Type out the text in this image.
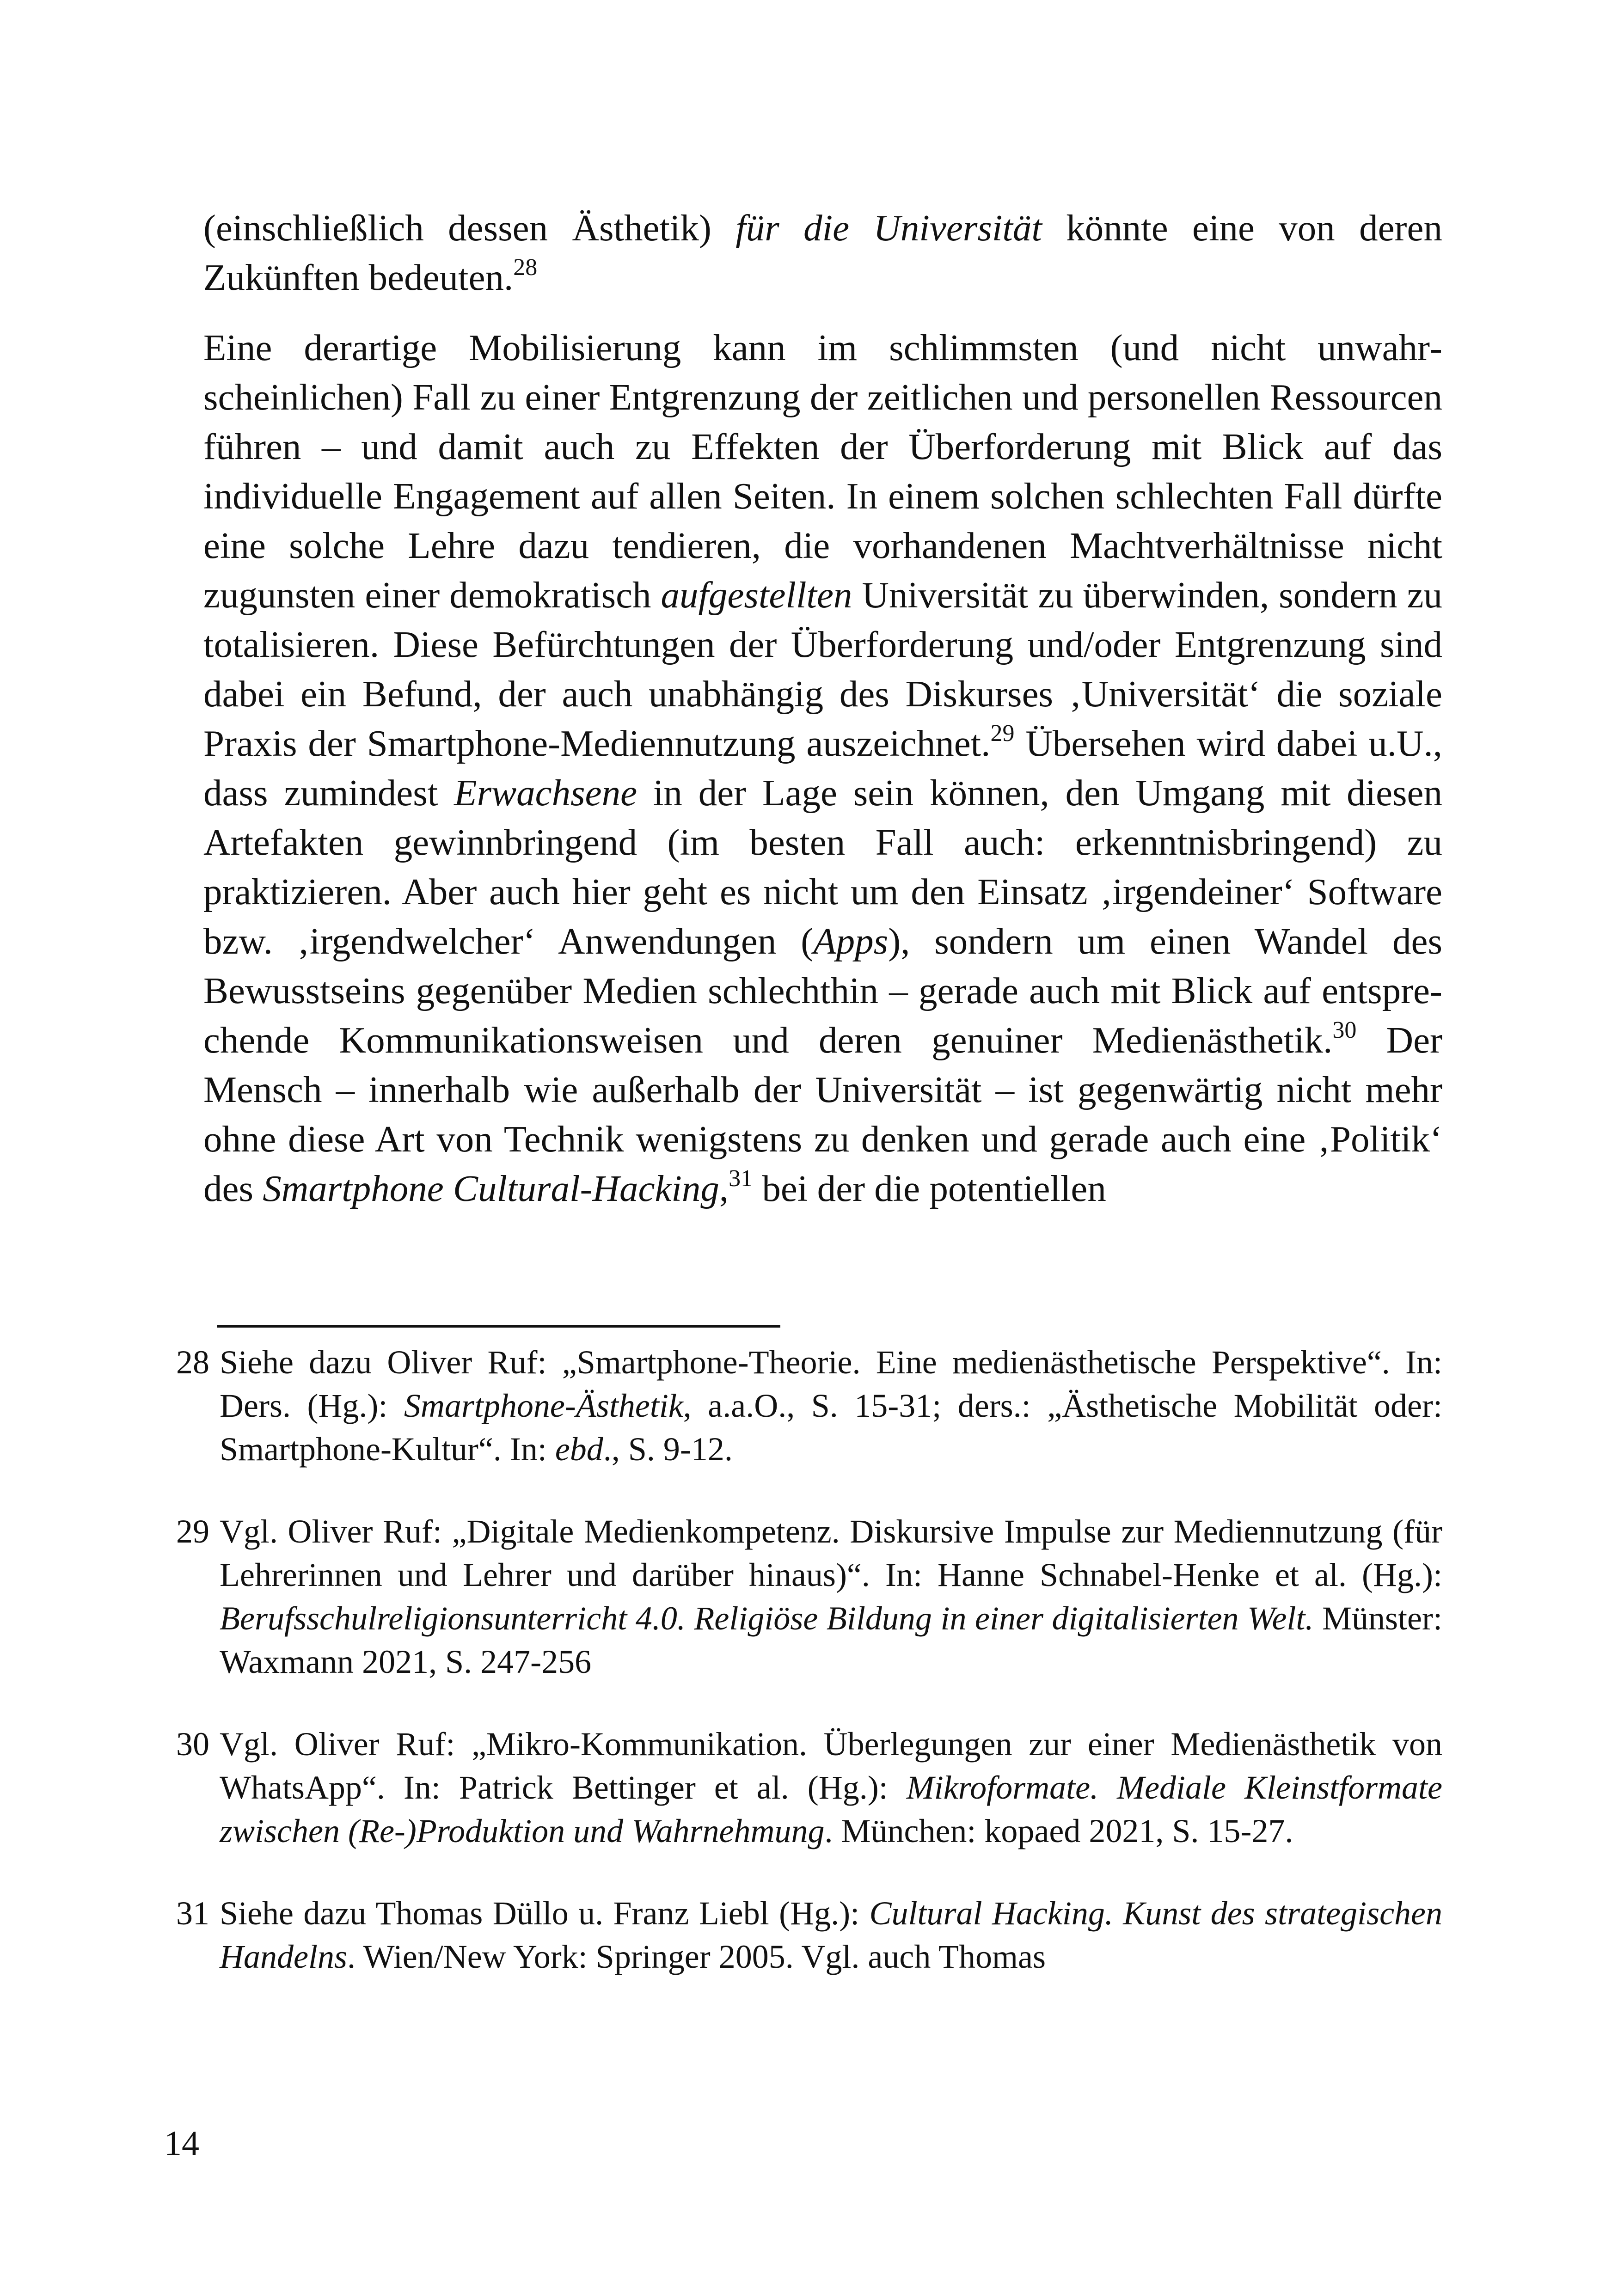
(einschließlich dessen Ästhetik) für die Universität könnte eine von deren Zukünften bedeuten.$^{28}$

Eine derartige Mobilisierung kann im schlimmsten (und nicht unwahrscheinlichen) Fall zu einer Entgrenzung der zeitlichen und personellen Ressourcen führen – und damit auch zu Effekten der Überforderung mit Blick auf das individuelle Engagement auf allen Seiten. In einem solchen schlechten Fall dürfte eine solche Lehre dazu tendieren, die vorhandenen Machtverhältnisse nicht zugunsten einer demokratisch aufgestellten Universität zu überwinden, sondern zu totalisieren. Diese Befürchtungen der Überforderung und/oder Entgrenzung sind dabei ein Befund, der auch unabhängig des Diskurses ‚Universität‘ die soziale Praxis der Smartphone-Mediennutzung auszeichnet.$^{29}$ Übersehen wird dabei u.U., dass zumindest Erwachsene in der Lage sein können, den Umgang mit diesen Artefakten gewinnbringend (im besten Fall auch: erkenntnisbringend) zu praktizieren. Aber auch hier geht es nicht um den Einsatz ‚irgendeiner‘ Software bzw. ‚irgendwelcher‘ Anwendungen (Apps), sondern um einen Wandel des Bewusstseins gegenüber Medien schlechthin – gerade auch mit Blick auf entsprechende Kommunikationsweisen und deren genuiner Medienästhetik.$^{30}$ Der Mensch – innerhalb wie außerhalb der Universität – ist gegenwärtig nicht mehr ohne diese Art von Technik wenigstens zu denken und gerade auch eine ‚Politik‘ des Smartphone Cultural-Hacking,$^{31}$ bei der die potentiellen

28 Siehe dazu Oliver Ruf: „Smartphone-Theorie. Eine medienästhetische Perspektive“. In: Ders. (Hg.): Smartphone-Ästhetik, a.a.O., S. 15-31; ders.: „Ästhetische Mobilität oder: Smartphone-Kultur“. In: ebd., S. 9-12.
29 Vgl. Oliver Ruf: „Digitale Medienkompetenz. Diskursive Impulse zur Mediennutzung (für Lehrerinnen und Lehrer und darüber hinaus)“. In: Hanne Schnabel-Henke et al. (Hg.): Berufsschulreligionsunterricht 4.0. Religiöse Bildung in einer digitalisierten Welt. Münster: Waxmann 2021, S. 247-256
30 Vgl. Oliver Ruf: „Mikro-Kommunikation. Überlegungen zur einer Medienästhetik von WhatsApp“. In: Patrick Bettinger et al. (Hg.): Mikroformate. Mediale Kleinstformate zwischen (Re-)Produktion und Wahrnehmung. München: kopaed 2021, S. 15-27.
31 Siehe dazu Thomas Düllo u. Franz Liebl (Hg.): Cultural Hacking. Kunst des strategischen Handelns. Wien/New York: Springer 2005. Vgl. auch Thomas
14
